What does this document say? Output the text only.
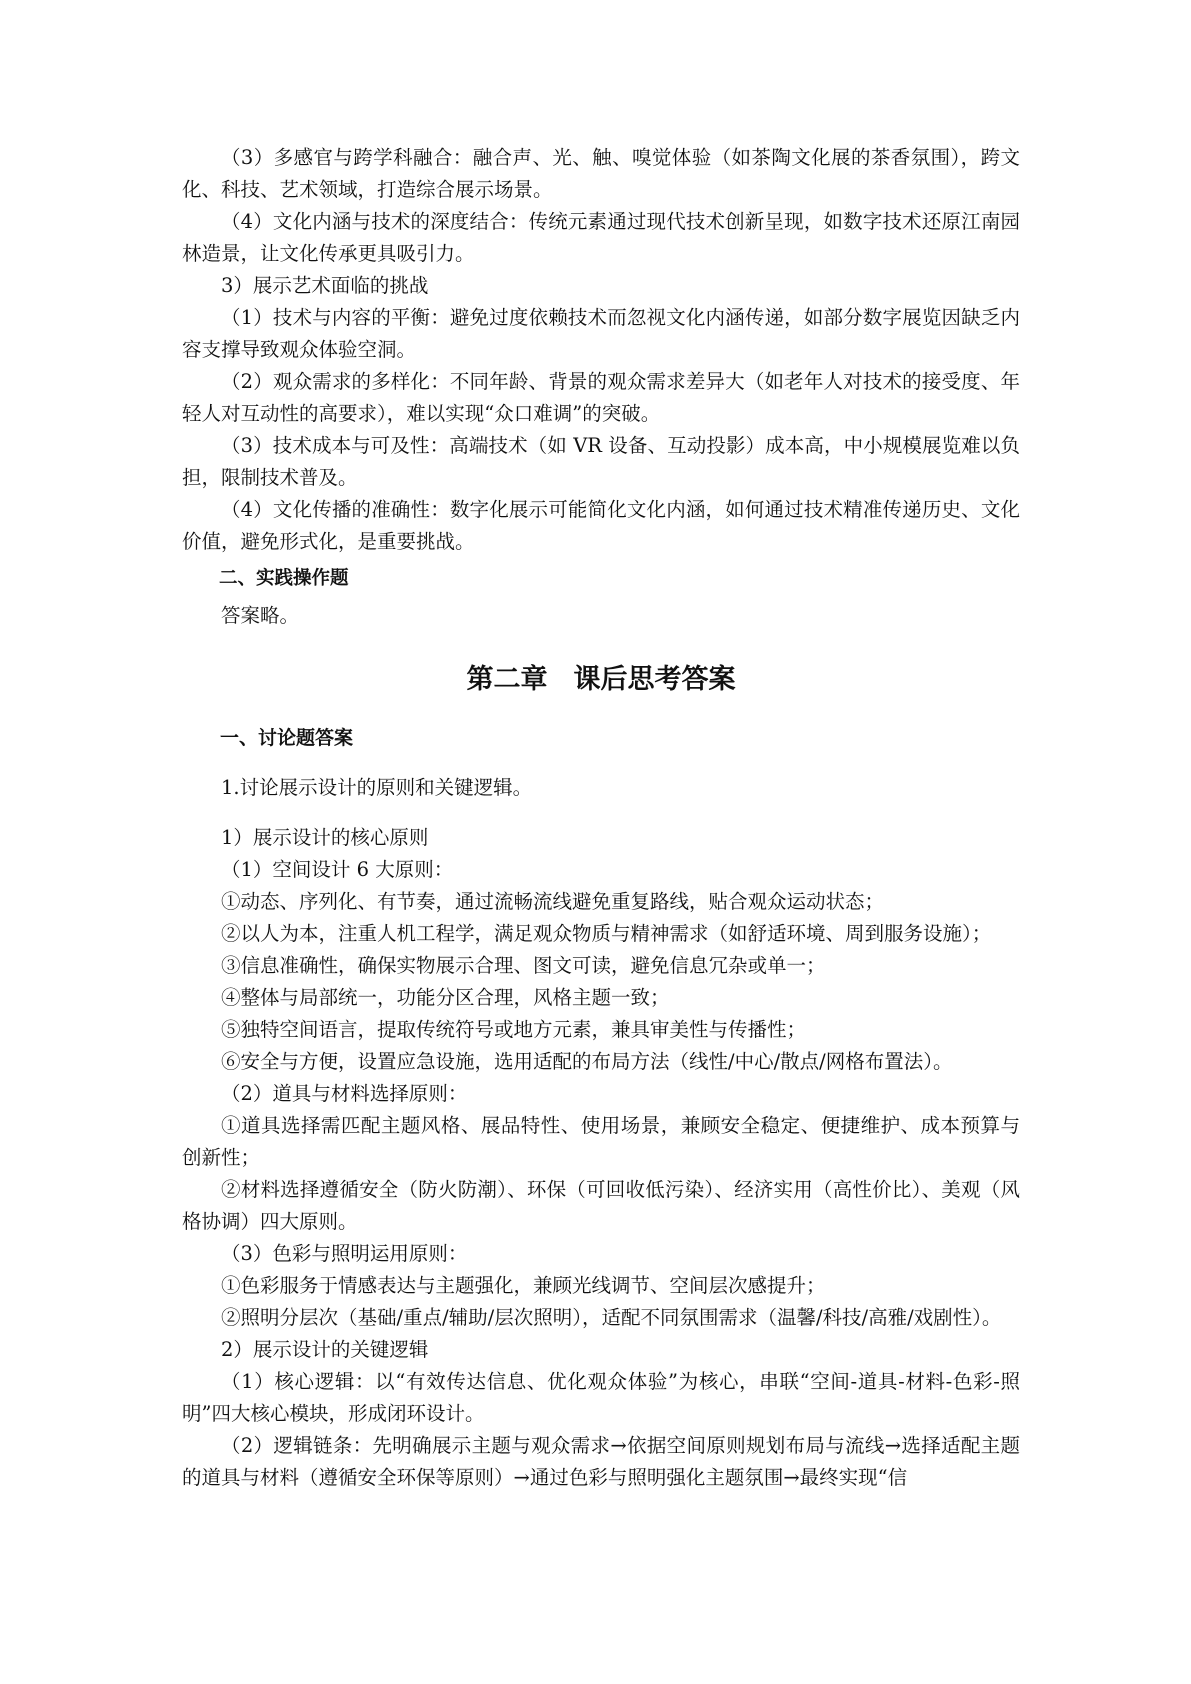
（3）多感官与跨学科融合：融合声、光、触、嗅觉体验（如茶陶文化展的茶香氛围），跨文化、科技、艺术领域，打造综合展示场景。

（4）文化内涵与技术的深度结合：传统元素通过现代技术创新呈现，如数字技术还原江南园林造景，让文化传承更具吸引力。

3）展示艺术面临的挑战

（1）技术与内容的平衡：避免过度依赖技术而忽视文化内涵传递，如部分数字展览因缺乏内容支撑导致观众体验空洞。

（2）观众需求的多样化：不同年龄、背景的观众需求差异大（如老年人对技术的接受度、年轻人对互动性的高要求），难以实现“众口难调”的突破。

（3）技术成本与可及性：高端技术（如 VR 设备、互动投影）成本高，中小规模展览难以负担，限制技术普及。

（4）文化传播的准确性：数字化展示可能简化文化内涵，如何通过技术精准传递历史、文化价值，避免形式化，是重要挑战。

二、实践操作题

答案略。

第二章 课后思考答案

一、讨论题答案

1.讨论展示设计的原则和关键逻辑。

1）展示设计的核心原则

（1）空间设计 6 大原则：

①动态、序列化、有节奏，通过流畅流线避免重复路线，贴合观众运动状态；

②以人为本，注重人机工程学，满足观众物质与精神需求（如舒适环境、周到服务设施）；

③信息准确性，确保实物展示合理、图文可读，避免信息冗杂或单一；

④整体与局部统一，功能分区合理，风格主题一致；

⑤独特空间语言，提取传统符号或地方元素，兼具审美性与传播性；

⑥安全与方便，设置应急设施，选用适配的布局方法（线性/中心/散点/网格布置法）。

（2）道具与材料选择原则：

①道具选择需匹配主题风格、展品特性、使用场景，兼顾安全稳定、便捷维护、成本预算与创新性；

②材料选择遵循安全（防火防潮）、环保（可回收低污染）、经济实用（高性价比）、美观（风格协调）四大原则。

（3）色彩与照明运用原则：

①色彩服务于情感表达与主题强化，兼顾光线调节、空间层次感提升；

②照明分层次（基础/重点/辅助/层次照明），适配不同氛围需求（温馨/科技/高雅/戏剧性）。

2）展示设计的关键逻辑

（1）核心逻辑：以“有效传达信息、优化观众体验”为核心，串联“空间-道具-材料-色彩-照明”四大核心模块，形成闭环设计。

（2）逻辑链条：先明确展示主题与观众需求→依据空间原则规划布局与流线→选择适配主题的道具与材料（遵循安全环保等原则）→通过色彩与照明强化主题氛围→最终实现“信
